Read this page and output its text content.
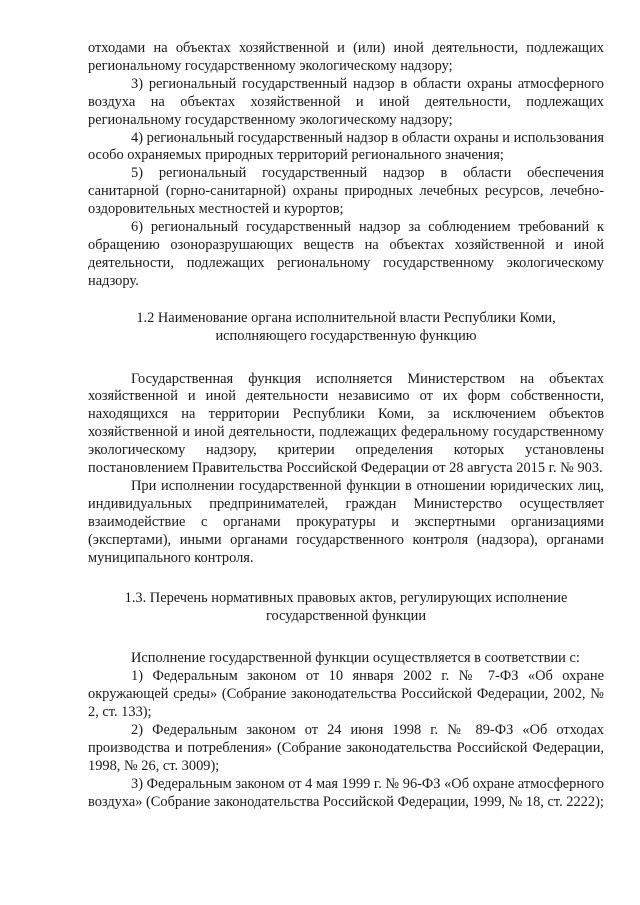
отходами на объектах хозяйственной и (или) иной деятельности, подлежащих региональному государственному экологическому надзору;

3) региональный государственный надзор в области охраны атмосферного воздуха на объектах хозяйственной и иной деятельности, подлежащих региональному государственному экологическому надзору;

4) региональный государственный надзор в области охраны и использования особо охраняемых природных территорий регионального значения;

5) региональный государственный надзор в области обеспечения санитарной (горно-санитарной) охраны природных лечебных ресурсов, лечебно-оздоровительных местностей и курортов;

6) региональный государственный надзор за соблюдением требований к обращению озоноразрушающих веществ на объектах хозяйственной и иной деятельности, подлежащих региональному государственному экологическому надзору.

1.2 Наименование органа исполнительной власти Республики Коми, исполняющего государственную функцию

Государственная функция исполняется Министерством на объектах хозяйственной и иной деятельности независимо от их форм собственности, находящихся на территории Республики Коми, за исключением объектов хозяйственной и иной деятельности, подлежащих федеральному государственному экологическому надзору, критерии определения которых установлены постановлением Правительства Российской Федерации от 28 августа 2015 г. № 903.

При исполнении государственной функции в отношении юридических лиц, индивидуальных предпринимателей, граждан Министерство осуществляет взаимодействие с органами прокуратуры и экспертными организациями (экспертами), иными органами государственного контроля (надзора), органами муниципального контроля.

1.3. Перечень нормативных правовых актов, регулирующих исполнение государственной функции

Исполнение государственной функции осуществляется в соответствии с:

1) Федеральным законом от 10 января 2002 г. № 7-ФЗ «Об охране окружающей среды» (Собрание законодательства Российской Федерации, 2002, № 2, ст. 133);

2) Федеральным законом от 24 июня 1998 г. № 89-ФЗ «Об отходах производства и потребления» (Собрание законодательства Российской Федерации, 1998, № 26, ст. 3009);

3) Федеральным законом от 4 мая 1999 г. № 96-ФЗ «Об охране атмосферного воздуха» (Собрание законодательства Российской Федерации, 1999, № 18, ст. 2222);
